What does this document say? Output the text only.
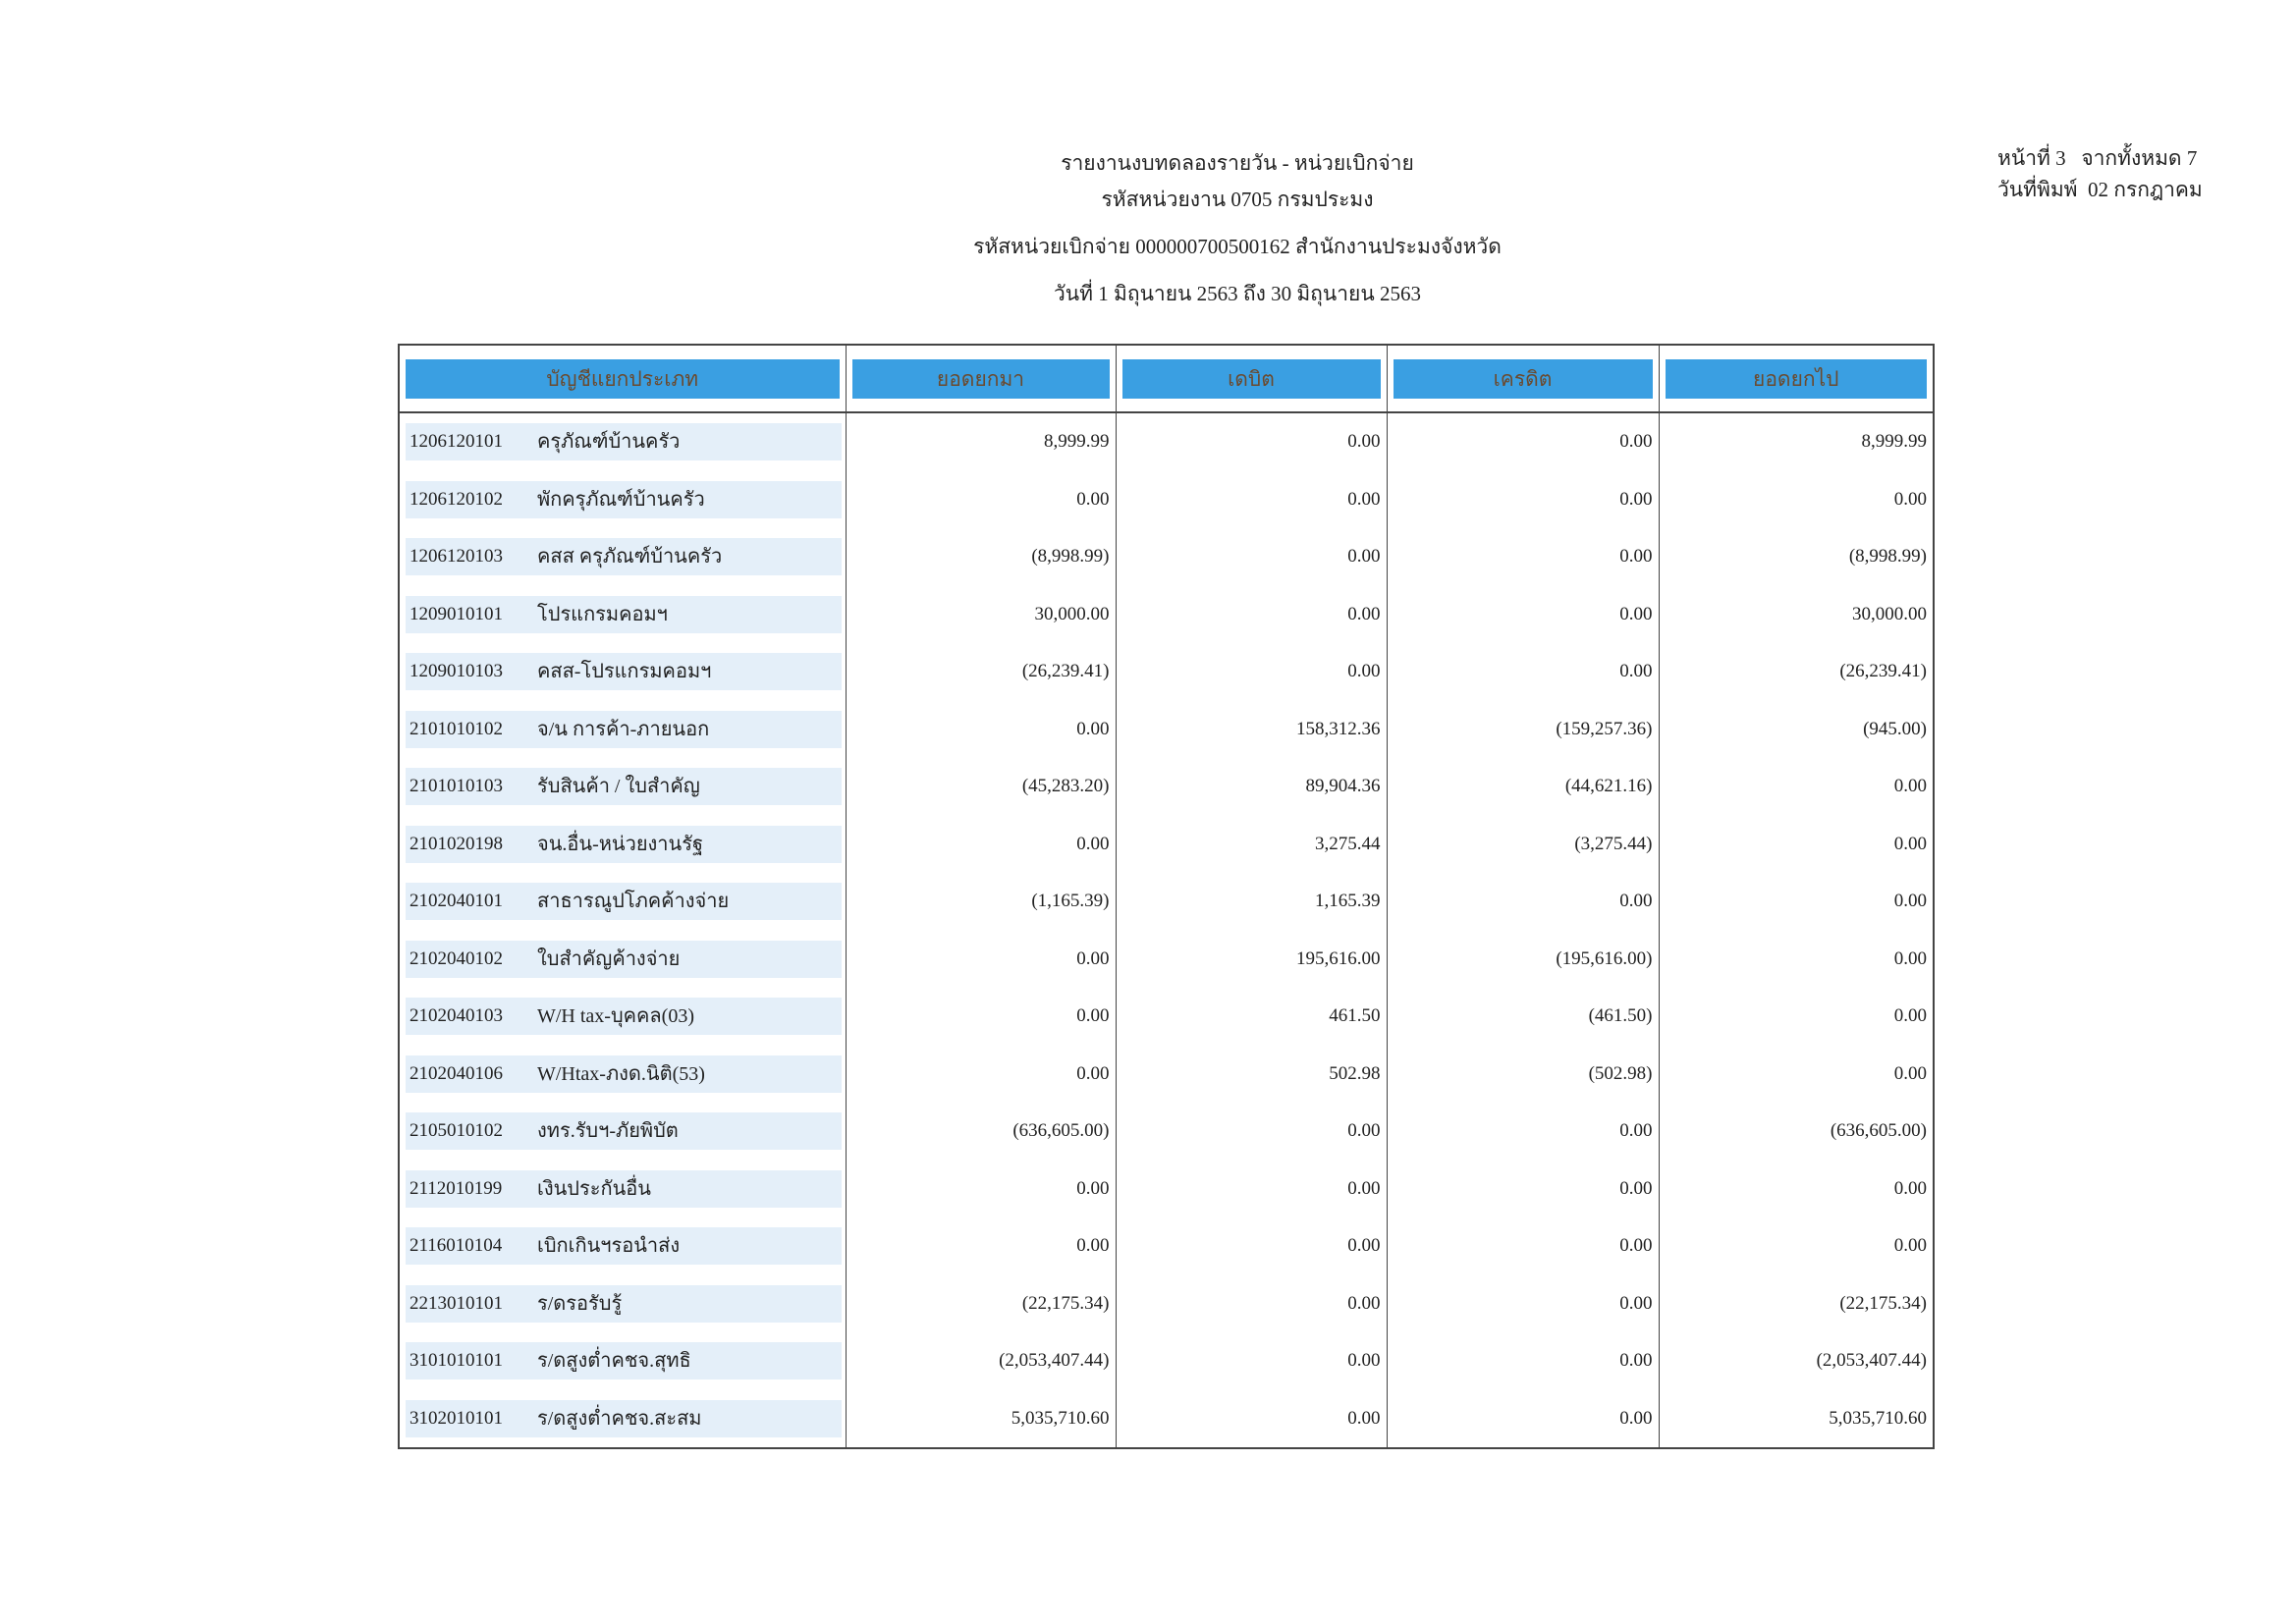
รายงานงบทดลองรายวัน - หน่วยเบิกจ่าย
รหัสหน่วยงาน 0705 กรมประมง
รหัสหน่วยเบิกจ่าย 000000700500162 สำนักงานประมงจังหวัด
วันที่ 1 มิถุนายน 2563 ถึง 30 มิถุนายน 2563
หน้าที่ 3   จากทั้งหมด 7
วันที่พิมพ์  02 กรกฎาคม
บัญชีแยกประเภท	ยอดยกมา	เดบิต	เครดิต	ยอดยกไป

1206120101 ครุภัณฑ์บ้านครัว	8,999.99	0.00	0.00	8,999.99

1206120102 พักครุภัณฑ์บ้านครัว	0.00	0.00	0.00	0.00

1206120103 คสส ครุภัณฑ์บ้านครัว	(8,998.99)	0.00	0.00	(8,998.99)

1209010101 โปรแกรมคอมฯ	30,000.00	0.00	0.00	30,000.00

1209010103 คสส-โปรแกรมคอมฯ	(26,239.41)	0.00	0.00	(26,239.41)

2101010102 จ/น การค้า-ภายนอก	0.00	158,312.36	(159,257.36)	(945.00)

2101010103 รับสินค้า / ใบสำคัญ	(45,283.20)	89,904.36	(44,621.16)	0.00

2101020198 จน.อื่น-หน่วยงานรัฐ	0.00	3,275.44	(3,275.44)	0.00

2102040101 สาธารณูปโภคค้างจ่าย	(1,165.39)	1,165.39	0.00	0.00

2102040102 ใบสำคัญค้างจ่าย	0.00	195,616.00	(195,616.00)	0.00

2102040103 W/H tax-บุคคล(03)	0.00	461.50	(461.50)	0.00

2102040106 W/Htax-ภงด.นิติ(53)	0.00	502.98	(502.98)	0.00

2105010102 งทร.รับฯ-ภัยพิบัต	(636,605.00)	0.00	0.00	(636,605.00)

2112010199 เงินประกันอื่น	0.00	0.00	0.00	0.00

2116010104 เบิกเกินฯรอนำส่ง	0.00	0.00	0.00	0.00

2213010101 ร/ดรอรับรู้	(22,175.34)	0.00	0.00	(22,175.34)

3101010101 ร/ดสูงต่ำคชจ.สุทธิ	(2,053,407.44)	0.00	0.00	(2,053,407.44)

3102010101 ร/ดสูงต่ำคชจ.สะสม	5,035,710.60	0.00	0.00	5,035,710.60
